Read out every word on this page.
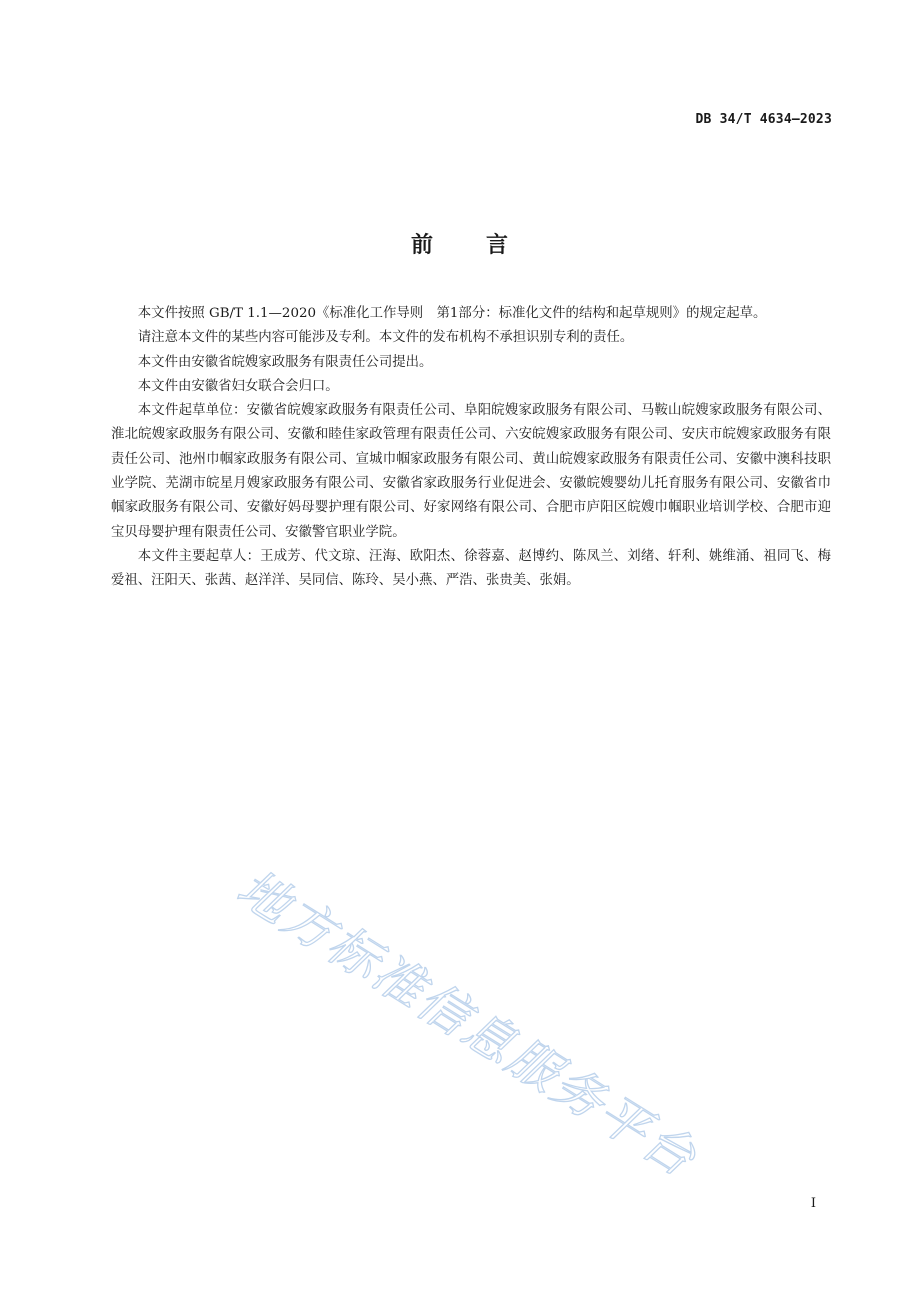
DB 34/T 4634—2023
前 言

本文件按照 GB/T 1.1—2020《标准化工作导则　第1部分：标准化文件的结构和起草规则》的规定起草。

请注意本文件的某些内容可能涉及专利。本文件的发布机构不承担识别专利的责任。

本文件由安徽省皖嫂家政服务有限责任公司提出。

本文件由安徽省妇女联合会归口。

本文件起草单位：安徽省皖嫂家政服务有限责任公司、阜阳皖嫂家政服务有限公司、马鞍山皖嫂家政服务有限公司、淮北皖嫂家政服务有限公司、安徽和睦佳家政管理有限责任公司、六安皖嫂家政服务有限公司、安庆市皖嫂家政服务有限责任公司、池州巾帼家政服务有限公司、宣城巾帼家政服务有限公司、黄山皖嫂家政服务有限责任公司、安徽中澳科技职业学院、芜湖市皖星月嫂家政服务有限公司、安徽省家政服务行业促进会、安徽皖嫂婴幼儿托育服务有限公司、安徽省巾帼家政服务有限公司、安徽好妈母婴护理有限公司、好家网络有限公司、合肥市庐阳区皖嫂巾帼职业培训学校、合肥市迎宝贝母婴护理有限责任公司、安徽警官职业学院。

本文件主要起草人：王成芳、代文琼、汪海、欧阳杰、徐蓉嘉、赵博约、陈凤兰、刘绪、轩利、姚维涌、祖同飞、梅爱祖、汪阳天、张茜、赵洋洋、吴同信、陈玲、吴小燕、严浩、张贵美、张娟。

地方标准信息服务平台
I
